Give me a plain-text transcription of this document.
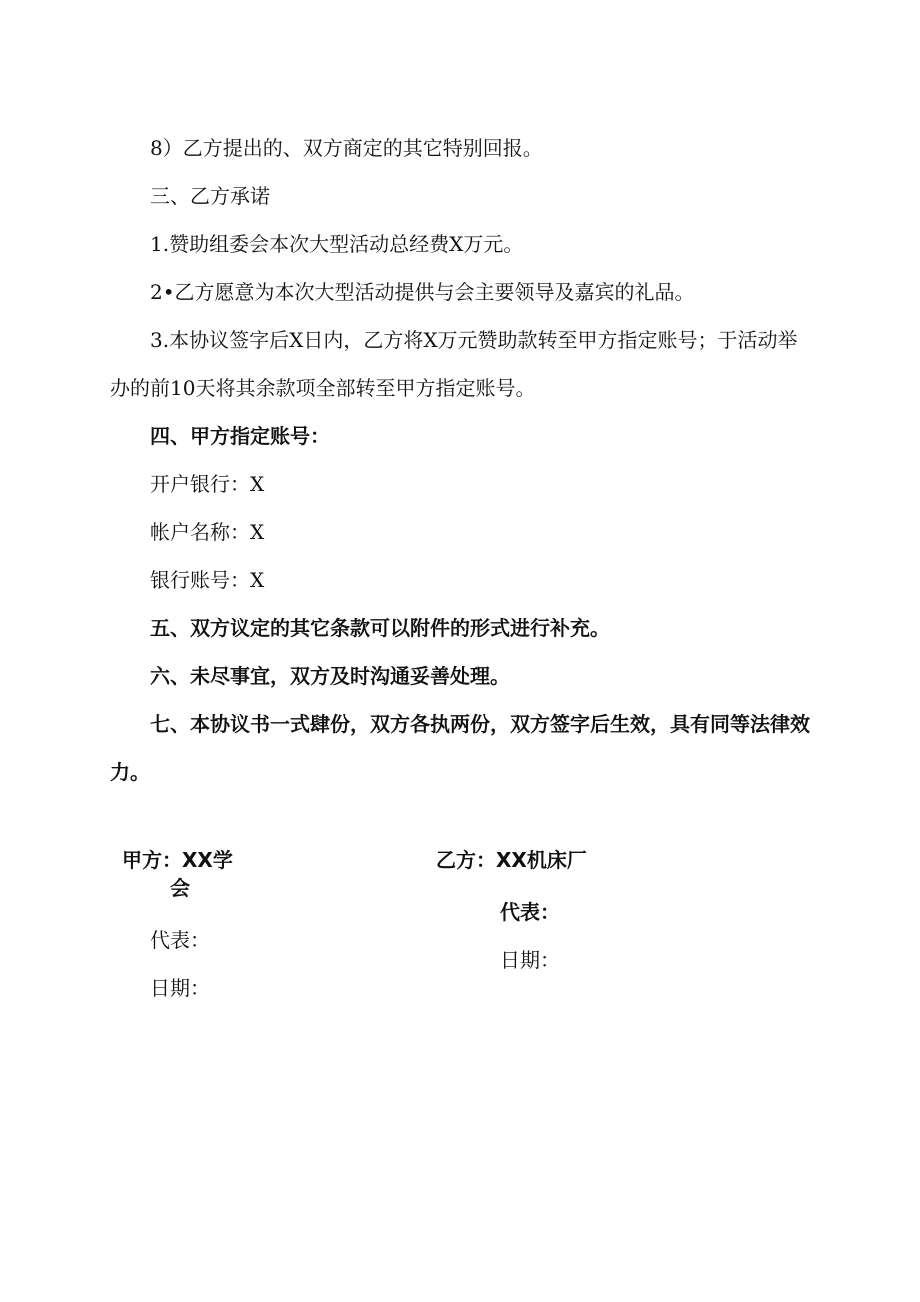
8）乙方提出的、双方商定的其它特别回报。

三、乙方承诺

1.赞助组委会本次大型活动总经费X万元。

2•乙方愿意为本次大型活动提供与会主要领导及嘉宾的礼品。

3.本协议签字后X日内，乙方将X万元赞助款转至甲方指定账号；于活动举办的前10天将其余款项全部转至甲方指定账号。

四、甲方指定账号：

开户银行：X

帐户名称：X

银行账号：X

五、双方议定的其它条款可以附件的形式进行补充。

六、未尽事宜，双方及时沟通妥善处理。

七、本协议书一式肆份，双方各执两份，双方签字后生效，具有同等法律效力。

甲方：XX学

会

代表：

日期：

乙方：XX机床厂

代表：

日期：
